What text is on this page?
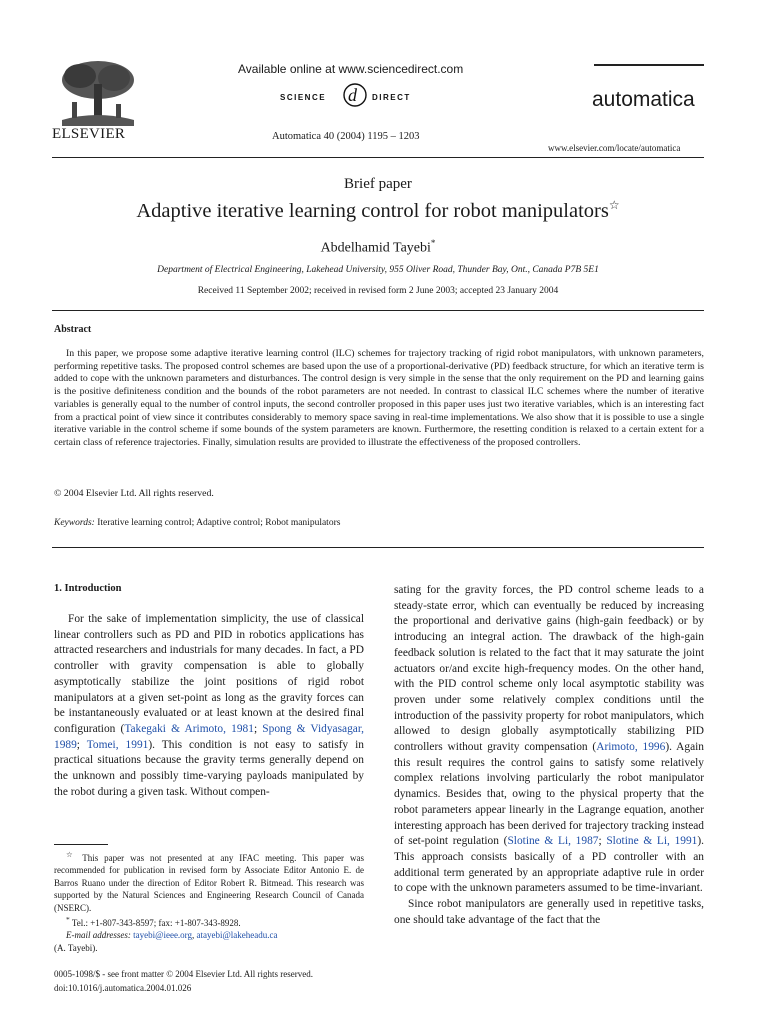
ELSEVIER
Available online at www.sciencedirect.com
SCIENCE d DIRECT
Automatica 40 (2004) 1195 – 1203
automatica
www.elsevier.com/locate/automatica
Brief paper
Adaptive iterative learning control for robot manipulators☆
Abdelhamid Tayebi*
Department of Electrical Engineering, Lakehead University, 955 Oliver Road, Thunder Bay, Ont., Canada P7B 5E1
Received 11 September 2002; received in revised form 2 June 2003; accepted 23 January 2004
Abstract
In this paper, we propose some adaptive iterative learning control (ILC) schemes for trajectory tracking of rigid robot manipulators, with unknown parameters, performing repetitive tasks. The proposed control schemes are based upon the use of a proportional-derivative (PD) feedback structure, for which an iterative term is added to cope with the unknown parameters and disturbances. The control design is very simple in the sense that the only requirement on the PD and learning gains is the positive definiteness condition and the bounds of the robot parameters are not needed. In contrast to classical ILC schemes where the number of iterative variables is generally equal to the number of control inputs, the second controller proposed in this paper uses just two iterative variables, which is an interesting fact from a practical point of view since it contributes considerably to memory space saving in real-time implementations. We also show that it is possible to use a single iterative variable in the control scheme if some bounds of the system parameters are known. Furthermore, the resetting condition is relaxed to a certain extent for a certain class of reference trajectories. Finally, simulation results are provided to illustrate the effectiveness of the proposed controllers.
© 2004 Elsevier Ltd. All rights reserved.
Keywords: Iterative learning control; Adaptive control; Robot manipulators
1. Introduction
For the sake of implementation simplicity, the use of classical linear controllers such as PD and PID in robotics applications has attracted researchers and industrials for many decades. In fact, a PD controller with gravity compensation is able to globally asymptotically stabilize the joint positions of rigid robot manipulators at a given set-point as long as the gravity forces can be instantaneously evaluated or at least known at the desired final configuration (Takegaki & Arimoto, 1981; Spong & Vidyasagar, 1989; Tomei, 1991). This condition is not easy to satisfy in practical situations because the gravity terms generally depend on the unknown and possibly time-varying payloads manipulated by the robot during a given task. Without compen-

☆ This paper was not presented at any IFAC meeting. This paper was recommended for publication in revised form by Associate Editor Antonio E. de Barros Ruano under the direction of Editor Robert R. Bitmead. This research was supported by the Natural Sciences and Engineering Research Council of Canada (NSERC).

* Tel.: +1-807-343-8597; fax: +1-807-343-8928.

E-mail addresses: tayebi@ieee.org, atayebi@lakeheadu.ca

(A. Tayebi).

0005-1098/$ - see front matter © 2004 Elsevier Ltd. All rights reserved.

doi:10.1016/j.automatica.2004.01.026

sating for the gravity forces, the PD control scheme leads to a steady-state error, which can eventually be reduced by increasing the proportional and derivative gains (high-gain feedback) or by introducing an integral action. The drawback of the high-gain feedback solution is related to the fact that it may saturate the joint actuators or/and excite high-frequency modes. On the other hand, with the PID control scheme only local asymptotic stability was proven under some relatively complex conditions until the introduction of the passivity property for robot manipulators, which allowed to design globally asymptotically stabilizing PID controllers without gravity compensation (Arimoto, 1996). Again this result requires the control gains to satisfy some relatively complex relations involving particularly the robot manipulator dynamics. Besides that, owing to the physical property that the robot parameters appear linearly in the Lagrange equation, another interesting approach has been derived for trajectory tracking instead of set-point regulation (Slotine & Li, 1987; Slotine & Li, 1991). This approach consists basically of a PD controller with an additional term generated by an appropriate adaptive rule in order to cope with the unknown parameters assumed to be time-invariant.
Since robot manipulators are generally used in repetitive tasks, one should take advantage of the fact that the
